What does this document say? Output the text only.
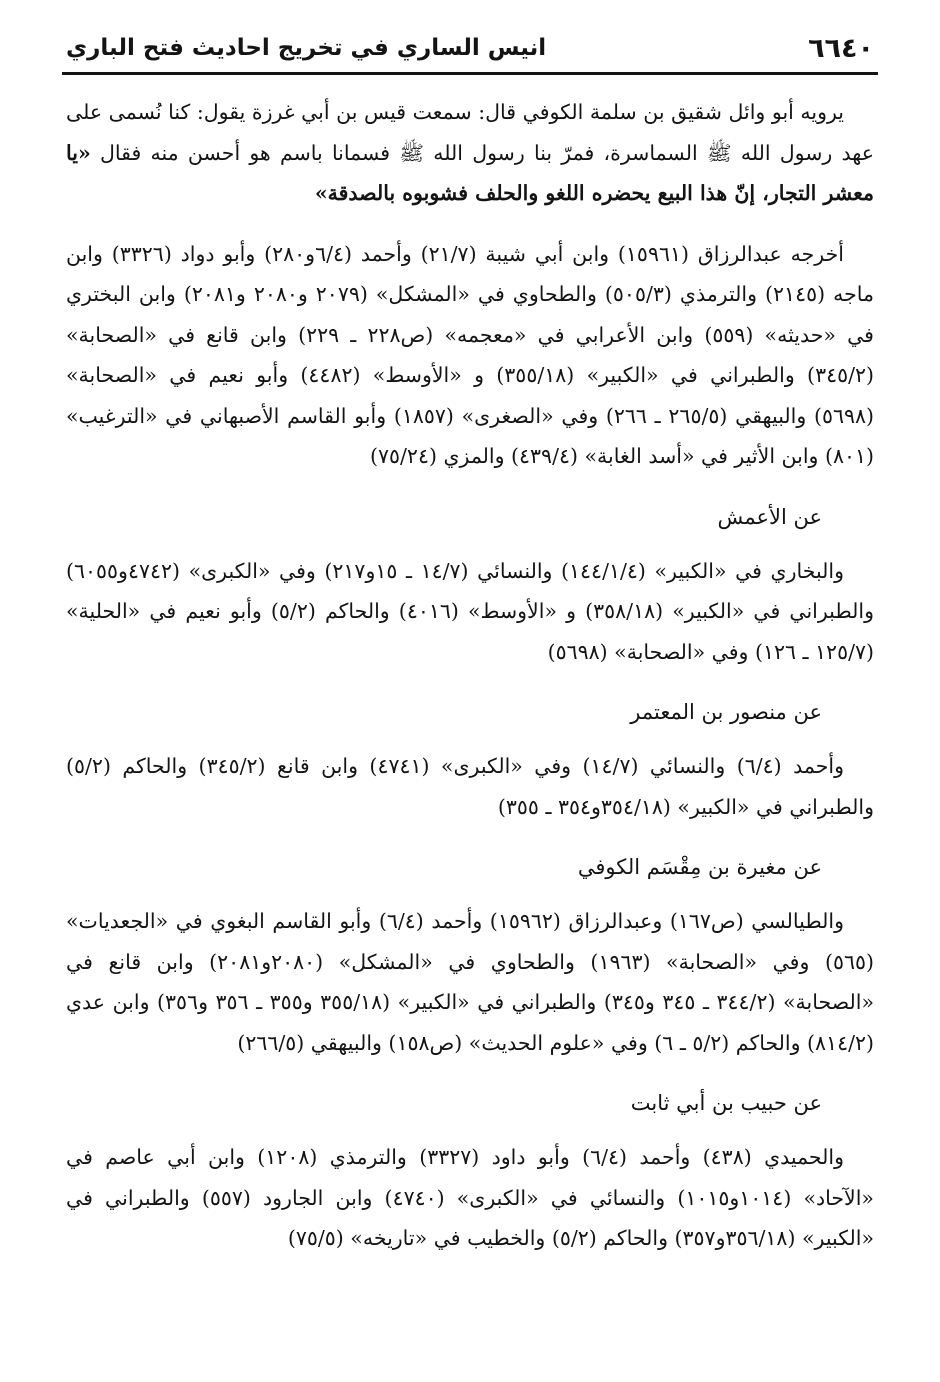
٦٦٤٠
انيس الساري في تخريج احاديث فتح الباري

يرويه أبو وائل شقيق بن سلمة الكوفي قال: سمعت قيس بن أبي غرزة يقول: كنا نُسمى على عهد رسول الله ﷺ السماسرة، فمرّ بنا رسول الله ﷺ فسمانا باسم هو أحسن منه فقال «يا معشر التجار، إنّ هذا البيع يحضره اللغو والحلف فشوبوه بالصدقة»

أخرجه عبدالرزاق (١٥٩٦١) وابن أبي شيبة (٢١/٧) وأحمد (٦/٤و٢٨٠) وأبو دواد (٣٣٢٦) وابن ماجه (٢١٤٥) والترمذي (٥٠٥/٣) والطحاوي في «المشكل» (٢٠٧٩ و٢٠٨٠ و٢٠٨١) وابن البختري في «حديثه» (٥٥٩) وابن الأعرابي في «معجمه» (ص٢٢٨ ـ ٢٢٩) وابن قانع في «الصحابة» (٣٤٥/٢) والطبراني في «الكبير» (٣٥٥/١٨) و «الأوسط» (٤٤٨٢) وأبو نعيم في «الصحابة» (٥٦٩٨) والبيهقي (٢٦٥/٥ ـ ٢٦٦) وفي «الصغرى» (١٨٥٧) وأبو القاسم الأصبهاني في «الترغيب» (٨٠١) وابن الأثير في «أسد الغابة» (٤٣٩/٤) والمزي (٧٥/٢٤)

عن الأعمش

والبخاري في «الكبير» (١٤٤/١/٤) والنسائي (١٤/٧ ـ ١٥و٢١٧) وفي «الكبرى» (٤٧٤٢و٦٠٥٥) والطبراني في «الكبير» (٣٥٨/١٨) و «الأوسط» (٤٠١٦) والحاكم (٥/٢) وأبو نعيم في «الحلية» (١٢٥/٧ ـ ١٢٦) وفي «الصحابة» (٥٦٩٨)

عن منصور بن المعتمر

وأحمد (٦/٤) والنسائي (١٤/٧) وفي «الكبرى» (٤٧٤١) وابن قانع (٣٤٥/٢) والحاكم (٥/٢) والطبراني في «الكبير» (٣٥٤/١٨و٣٥٤ ـ ٣٥٥)

عن مغيرة بن مِقْسَم الكوفي

والطيالسي (ص١٦٧) وعبدالرزاق (١٥٩٦٢) وأحمد (٦/٤) وأبو القاسم البغوي في «الجعديات» (٥٦٥) وفي «الصحابة» (١٩٦٣) والطحاوي في «المشكل» (٢٠٨٠و٢٠٨١) وابن قانع في «الصحابة» (٣٤٤/٢ ـ ٣٤٥ و٣٤٥) والطبراني في «الكبير» (٣٥٥/١٨ و٣٥٥ ـ ٣٥٦ و٣٥٦) وابن عدي (٨١٤/٢) والحاكم (٥/٢ ـ ٦) وفي «علوم الحديث» (ص١٥٨) والبيهقي (٢٦٦/٥)

عن حبيب بن أبي ثابت

والحميدي (٤٣٨) وأحمد (٦/٤) وأبو داود (٣٣٢٧) والترمذي (١٢٠٨) وابن أبي عاصم في «الآحاد» (١٠١٤و١٠١٥) والنسائي في «الكبرى» (٤٧٤٠) وابن الجارود (٥٥٧) والطبراني في «الكبير» (٣٥٦/١٨و٣٥٧) والحاكم (٥/٢) والخطيب في «تاريخه» (٧٥/٥)
